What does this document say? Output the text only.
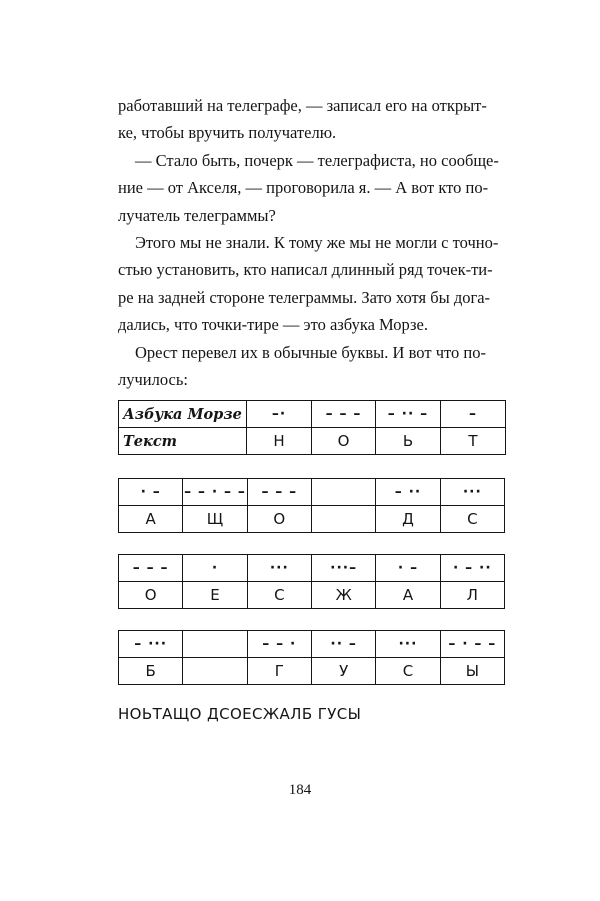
работавший на телеграфе, — записал его на открыт-
ке, чтобы вручить получателю.

— Стало быть, почерк — телеграфиста, но сообще-
ние — от Акселя, — проговорила я. — А вот кто по-
лучатель телеграммы?

Этого мы не знали. К тому же мы не могли с точно-
стью установить, кто написал длинный ряд точек-ти-
ре на задней стороне телеграммы. Зато хотя бы дога-
дались, что точки-тире — это азбука Морзе.

Орест перевел их в обычные буквы. И вот что по-
лучилось:

Азбука Морзе	–·	– – –	– ·· –	–
Текст	Н	О	Ь	Т
· –	– – · – –	– – –		– ··	···
А	Щ	О		Д	С
– – –	·	···	···–	· –	· – ··
О	Е	С	Ж	А	Л
– ···		– – ·	·· –	···	– · – –
Б		Г	У	С	Ы
НОЬТАЩО ДСОЕСЖАЛБ ГУСЫ
184
